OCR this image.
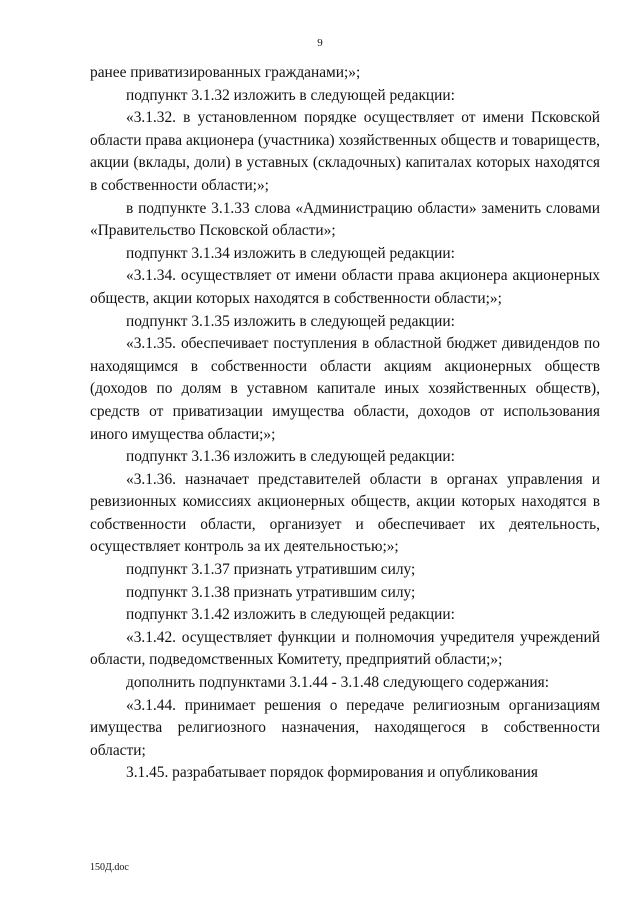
9

ранее приватизированных гражданами;»;

подпункт 3.1.32 изложить в следующей редакции:

«3.1.32. в установленном порядке осуществляет от имени Псковской области права акционера (участника) хозяйственных обществ и товариществ, акции (вклады, доли) в уставных (складочных) капиталах которых находятся в собственности области;»;

в подпункте 3.1.33 слова «Администрацию области» заменить словами «Правительство Псковской области»;

подпункт 3.1.34 изложить в следующей редакции:

«3.1.34. осуществляет от имени области права акционера акционерных обществ, акции которых находятся в собственности области;»;

подпункт 3.1.35 изложить в следующей редакции:

«3.1.35. обеспечивает поступления в областной бюджет дивидендов по находящимся в собственности области акциям акционерных обществ (доходов по долям в уставном капитале иных хозяйственных обществ), средств от приватизации имущества области, доходов от использования иного имущества области;»;

подпункт 3.1.36 изложить в следующей редакции:

«3.1.36. назначает представителей области в органах управления и ревизионных комиссиях акционерных обществ, акции которых находятся в собственности области, организует и обеспечивает их деятельность, осуществляет контроль за их деятельностью;»;

подпункт 3.1.37 признать утратившим силу;

подпункт 3.1.38 признать утратившим силу;

подпункт 3.1.42 изложить в следующей редакции:

«3.1.42. осуществляет функции и полномочия учредителя учреждений области, подведомственных Комитету, предприятий области;»;

дополнить подпунктами 3.1.44 - 3.1.48 следующего содержания:

«3.1.44. принимает решения о передаче религиозным организациям имущества религиозного назначения, находящегося в собственности области;

3.1.45. разрабатывает порядок формирования и опубликования

150Д.doc
